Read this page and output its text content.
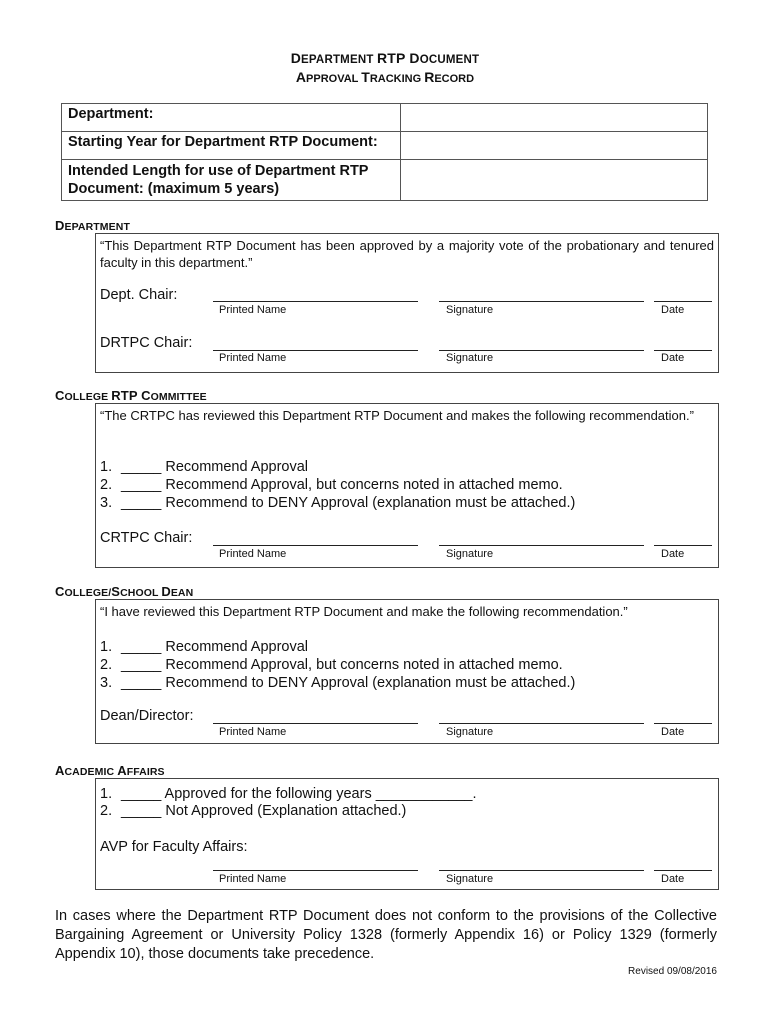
DEPARTMENT RTP DOCUMENT
APPROVAL TRACKING RECORD
Department:	
Starting Year for Department RTP Document:	
Intended Length for use of Department RTP Document: (maximum 5 years)	
DEPARTMENT
“This Department RTP Document has been approved by a majority vote of the probationary and tenured faculty in this department.”
Dept. Chair:
Printed Name	Signature	Date
DRTPC Chair:
Printed Name	Signature	Date
COLLEGE RTP COMMITTEE
“The CRTPC has reviewed this Department RTP Document and makes the following recommendation.”
1. _____ Recommend Approval
2. _____ Recommend Approval, but concerns noted in attached memo.
3. _____ Recommend to DENY Approval (explanation must be attached.)
CRTPC Chair:
Printed Name	Signature	Date
COLLEGE/SCHOOL DEAN
“I have reviewed this Department RTP Document and make the following recommendation.”
1. _____ Recommend Approval
2. _____ Recommend Approval, but concerns noted in attached memo.
3. _____ Recommend to DENY Approval (explanation must be attached.)
Dean/Director:
Printed Name	Signature	Date
ACADEMIC AFFAIRS
1. _____ Approved for the following years ____________.
2. _____ Not Approved (Explanation attached.)
AVP for Faculty Affairs:
Printed Name	Signature	Date
In cases where the Department RTP Document does not conform to the provisions of the Collective Bargaining Agreement or University Policy 1328 (formerly Appendix 16) or Policy 1329 (formerly Appendix 10), those documents take precedence.
Revised 09/08/2016
